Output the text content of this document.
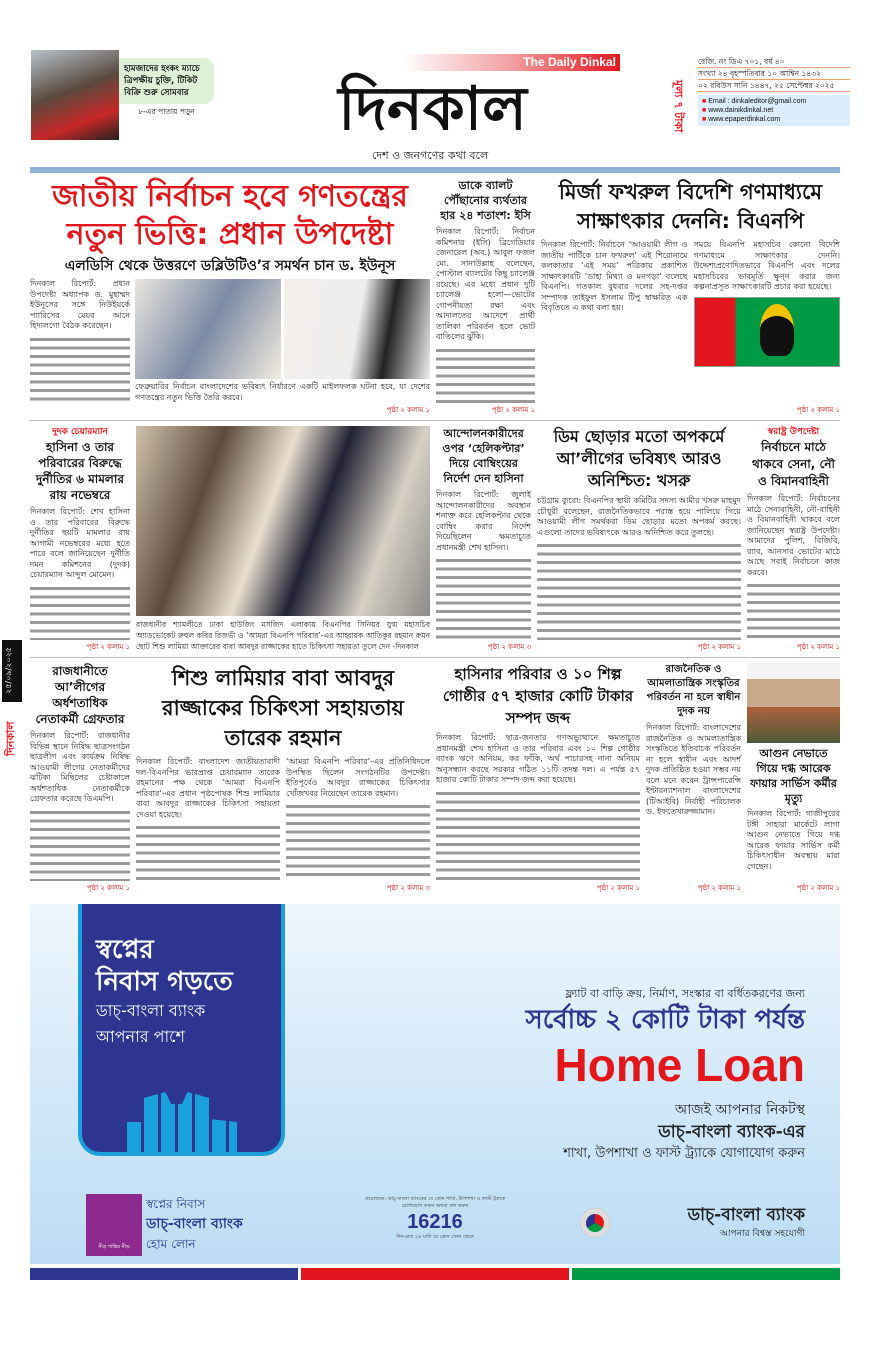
হামজাদের হংকং ম্যাচে ত্রিপক্ষীয় চুক্তি, টিকিট বিক্রি শুরু সোমবার
৮-এর পাতায় পড়ুন
The Daily Dinkal
দিনকাল
দেশ ও জনগণের কথা বলে
মূল্য ৭ টাকা
রেজি. নং ডিএ ৭০১, বর্ষ ৪০
সংখ্যা ২৪ বৃহস্পতিবার ১০ আশ্বিন ১৪৩২
০২ রবিউস সানি ১৪৪৭, ২৫ সেপ্টেম্বর ২০২৫
■ Email : dinkaleditor@gmail.com
■ www.dainikdinkal.net
■ www.epaperdinkal.com
জাতীয় নির্বাচন হবে গণতন্ত্রের নতুন ভিত্তি: প্রধান উপদেষ্টা
এলডিসি থেকে উত্তরণে ডব্লিউটিও’র সমর্থন চান ড. ইউনূস
দিনকাল রিপোর্ট: প্রধান উপদেষ্টা অধ্যাপক ড. মুহাম্মদ ইউনূসের সঙ্গে নিউইয়র্কে প্যারিসের মেয়র আনে হিদালগো বৈঠক করেছেন।
ফেব্রুয়ারির নির্বাচন বাংলাদেশের ভবিষ্যৎ নির্ধারণে একটি মাইলফলক ঘটনা হবে, যা দেশের গণতন্ত্রের নতুন ভিত্তি তৈরি করবে।
পৃষ্ঠা ২ কলাম ১
ডাকে ব্যালট পৌঁছানোর ব্যর্থতার হার ২৪ শতাংশ: ইসি
দিনকাল রিপোর্ট: নির্বাচন কমিশনার (ইসি) ব্রিগেডিয়ার জেনারেল (অব.) আবুল ফজল মো. সানাউল্লাহ বলেছেন, পোস্টাল ব্যালটের কিছু চ্যালেঞ্জ রয়েছে। এর মধ্যে প্রধান দুটি চ্যালেঞ্জ হলো—ভোটের গোপনীয়তা রক্ষা এবং আদালতের আদেশে প্রার্থী তালিকা পরিবর্তন হলে ভোট বাতিলের ঝুঁকি।
পৃষ্ঠা ২ কলাম ১
মির্জা ফখরুল বিদেশি গণমাধ্যমে সাক্ষাৎকার দেননি: বিএনপি
দিনকাল রিপোর্ট: নির্বাচনে ‘আওয়ামী লীগ ও জাতীয় পার্টিকে চান ফখরুল’ এই শিরোনামে কলকাতার ‘এই সময়’ পত্রিকায় প্রকাশিত সাক্ষাৎকারটি ‘ডাহা মিথ্যা ও মনগড়া’ বলেছে বিএনপি। গতকাল বুধবার দলের সহ-দপ্তর সম্পাদক তাইফুল ইসলাম টিপু স্বাক্ষরিত এক বিবৃতিতে এ কথা বলা হয়।
সময়ে বিএনপি মহাসচিব কোনো বিদেশি গণমাধ্যমে সাক্ষাৎকার দেননি। উদ্দেশ্যপ্রণোদিতভাবে বিএনপি এবং দলের মহাসচিবের ভাবমূর্তি ক্ষুণ্ন করার জন্য কল্পনাপ্রসূত সাক্ষাৎকারটি প্রচার করা হয়েছে।
পৃষ্ঠা ২ কলাম ১
দুদক চেয়ারম্যান
হাসিনা ও তার পরিবারের বিরুদ্ধে দুর্নীতির ৬ মামলার রায় নভেম্বরে
দিনকাল রিপোর্ট: শেখ হাসিনা ও তার পরিবারের বিরুদ্ধে দুর্নীতির ছয়টি মামলার রায় আগামী নভেম্বরের মধ্যে হতে পারে বলে জানিয়েছেন দুর্নীতি দমন কমিশনের (দুদক) চেয়ারম্যান আব্দুল মোমেন।
পৃষ্ঠা ২ কলাম ১
রাজধানীর শ্যামলীতে ঢাকা হাউজিং মসজিদ এলাকায় বিএনপির সিনিয়র যুগ্ম মহাসচিব অ্যাডভোকেট রুহুল কবির রিজভী ও ‘আমরা বিএনপি পরিবার’-এর আহ্বায়ক আতিকুর রহমান রুমন ছোট শিশু লামিয়া আক্তারের বাবা আবদুর রাজ্জাকের হাতে চিকিৎসা সহায়তা তুলে দেন -দিনকাল
আন্দোলনকারীদের ওপর ‘হেলিকপ্টার’ দিয়ে বোম্বিংয়ের নির্দেশ দেন হাসিনা
দিনকাল রিপোর্ট: জুলাই আন্দোলনকারীদের অবস্থান শনাক্ত করে হেলিকপ্টার থেকে বোম্বিং করার নির্দেশ দিয়েছিলেন ক্ষমতাচ্যুত প্রধানমন্ত্রী শেখ হাসিনা।
পৃষ্ঠা ২ কলাম ৩
ডিম ছোড়ার মতো অপকর্মে আ’লীগের ভবিষ্যৎ আরও অনিশ্চিত: খসরু
চট্টগ্রাম ব্যুরো: বিএনপির স্থায়ী কমিটির সদস্য আমীর খসরু মাহমুদ চৌধুরী বলেছেন, রাজনৈতিকভাবে পরাস্ত হয়ে পালিয়ে গিয়ে আওয়ামী লীগ সমর্থকরা ডিম ছোড়ার মতো অপকর্ম করছে। এগুলো তাদের ভবিষ্যৎকে আরও অনিশ্চিত করে তুলছে।
পৃষ্ঠা ২ কলাম ১
স্বরাষ্ট্র উপদেষ্টা
নির্বাচনে মাঠে থাকবে সেনা, নৌ ও বিমানবাহিনী
দিনকাল রিপোর্ট: নির্বাচনের মাঠে সেনাবাহিনী, নৌ-বাহিনী ও বিমানবাহিনী থাকবে বলে জানিয়েছেন স্বরাষ্ট্র উপদেষ্টা। আমাদের পুলিশ, বিজিবি, র‍্যাব, আনসার ভোটের মাঠে আছে সবাই নির্বাচনে কাজ করবে।
পৃষ্ঠা ২ কলাম ১
রাজধানীতে আ’লীগের অর্ধশতাধিক নেতাকর্মী গ্রেফতার
দিনকাল রিপোর্ট: রাজধানীর বিভিন্ন স্থানে নিষিদ্ধ ছাত্রসংগঠন ছাত্রলীগ এবং কার্যক্রম নিষিদ্ধ আওয়ামী লীগের নেতাকর্মীদের ঝটিকা মিছিলের চেষ্টাকালে অর্ধশতাধিক নেতাকর্মীকে গ্রেফতার করেছে ডিএমপি।
পৃষ্ঠা ২ কলাম ১
শিশু লামিয়ার বাবা আবদুর রাজ্জাকের চিকিৎসা সহায়তায় তারেক রহমান
দিনকাল রিপোর্ট: বাংলাদেশ জাতীয়তাবাদী দল-বিএনপির ভারপ্রাপ্ত চেয়ারম্যান তারেক রহমানের পক্ষ থেকে ‘আমরা বিএনপি পরিবার’-এর প্রধান পৃষ্ঠপোষক শিশু লামিয়ার বাবা আবদুর রাজ্জাকের চিকিৎসা সহায়তা দেওয়া হয়েছে।
‘আমরা বিএনপি পরিবার’-এর প্রতিনিধিদলে উপস্থিত ছিলেন সংগঠনটির উপদেষ্টা। ইতিপূর্বেও আবদুর রাজ্জাকের চিকিৎসার খোঁজখবর নিয়েছেন তারেক রহমান।
পৃষ্ঠা ২ কলাম ৩
হাসিনার পরিবার ও ১০ শিল্প গোষ্ঠীর ৫৭ হাজার কোটি টাকার সম্পদ জব্দ
দিনকাল রিপোর্ট: ছাত্র-জনতার গণঅভ্যুত্থানে ক্ষমতাচ্যুত প্রধানমন্ত্রী শেখ হাসিনা ও তার পরিবার এবং ১০ শিল্প গোষ্ঠীর ব্যাংক ঋণে অনিয়ম, কর ফাঁকি, অর্থ পাচারসহ নানা অনিয়ম অনুসন্ধান করছে সরকার গঠিত ১১টি তদন্ত দল। এ পর্যন্ত ৫৭ হাজার কোটি টাকার সম্পদ জব্দ করা হয়েছে।
পৃষ্ঠা ২ কলাম ১
রাজনৈতিক ও আমলাতান্ত্রিক সংস্কৃতির পরিবর্তন না হলে স্বাধীন দুদক নয়
দিনকাল রিপোর্ট: বাংলাদেশের রাজনৈতিক ও আমলাতান্ত্রিক সংস্কৃতিতে ইতিবাচক পরিবর্তন না হলে স্বাধীন এবং আদর্শ দুদক প্রতিষ্ঠিত হওয়া সম্ভব নয় বলে মনে করেন ট্রান্সপারেন্সি ইন্টারন্যাশনাল বাংলাদেশের (টিআইবি) নির্বাহী পরিচালক ড. ইফতেখারুজ্জামান।
পৃষ্ঠা ২ কলাম ১
আগুন নেভাতে গিয়ে দগ্ধ আরেক ফায়ার সার্ভিস কর্মীর মৃত্যু
দিনকাল রিপোর্ট: গাজীপুরের টঙ্গী সাহারা মার্কেটে লাগা আগুন নেভাতে গিয়ে দগ্ধ আরেক ফায়ার সার্ভিস কর্মী চিকিৎসাধীন অবস্থায় মারা গেছেন।
পৃষ্ঠা ২ কলাম ১
২৫/০৯/২০২৫
দিনকাল
স্বপ্নের
নিবাস গড়তে
ডাচ্-বাংলা ব্যাংক
আপনার পাশে
ফ্ল্যাট বা বাড়ি ক্রয়, নির্মাণ, সংস্কার বা বর্ধিতকরণের জন্য
সর্বোচ্চ ২ কোটি টাকা পর্যন্ত
Home Loan
আজই আপনার নিকটস্থ
ডাচ্-বাংলা ব্যাংক-এর
শাখা, উপশাখা ও ফাস্ট ট্র্যাকে যোগাযোগ করুন
নীড় শান্তির নীড়
স্বপ্নের নিবাস
ডাচ্-বাংলা ব্যাংক
হোম লোন
প্রয়োজনে, ডাচ্-বাংলা ব্যাংকের যে কোন শাখা, উপশাখা ও ফাস্ট ট্র্যাকে যোগাযোগ করুন অথবা কল করুন
16216
দিন-রাত ২৪ ঘণ্টা যে কোন ফোন থেকে
ডাচ্-বাংলা ব্যাংক
আপনার বিশ্বস্ত সহযোগী
